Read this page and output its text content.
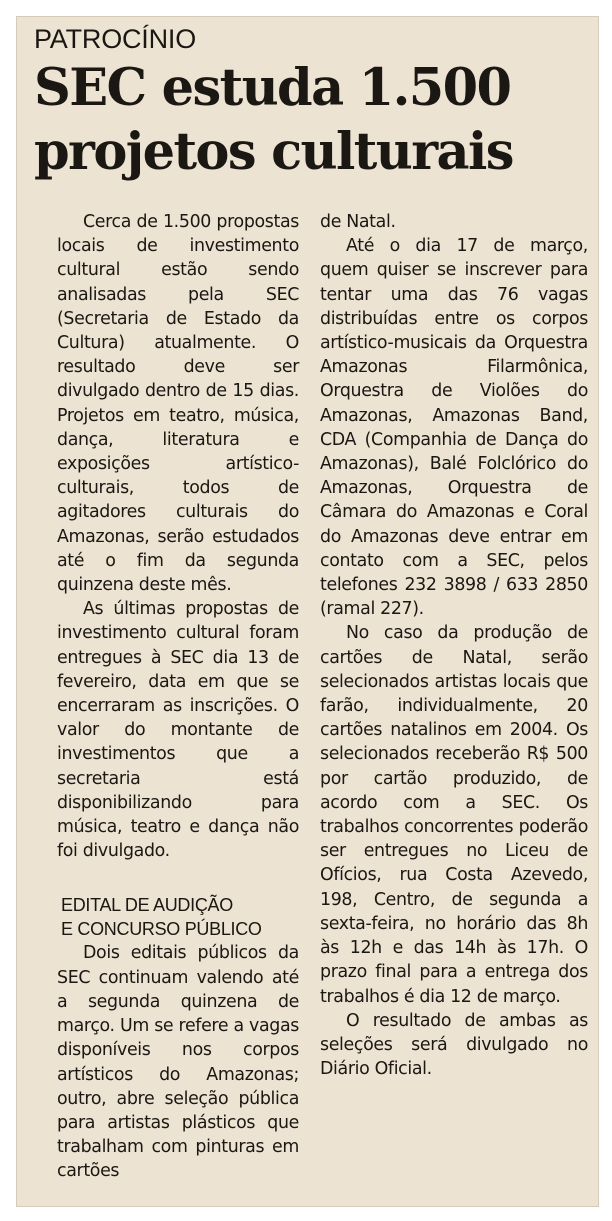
PATROCÍNIO
SEC estuda 1.500 projetos culturais

Cerca de 1.500 propostas locais de investimento cultural estão sendo analisadas pela SEC (Secretaria de Estado da Cultura) atualmente. O resultado deve ser divulgado dentro de 15 dias. Projetos em teatro, música, dança, literatura e exposições artístico-culturais, todos de agitadores culturais do Amazonas, serão estudados até o fim da segunda quinzena deste mês.

As últimas propostas de investimento cultural foram entregues à SEC dia 13 de fevereiro, data em que se encerraram as inscrições. O valor do montante de investimentos que a secretaria está disponibilizando para música, teatro e dança não foi divulgado.

EDITAL DE AUDIÇÃO
E CONCURSO PÚBLICO

Dois editais públicos da SEC continuam valendo até a segunda quinzena de março. Um se refere a vagas disponíveis nos corpos artísticos do Amazonas; outro, abre seleção pública para artistas plásticos que trabalham com pinturas em cartões

de Natal.

Até o dia 17 de março, quem quiser se inscrever para tentar uma das 76 vagas distribuídas entre os corpos artístico-musicais da Orquestra Amazonas Filarmônica, Orquestra de Violões do Amazonas, Amazonas Band, CDA (Companhia de Dança do Amazonas), Balé Folclórico do Amazonas, Orquestra de Câmara do Amazonas e Coral do Amazonas deve entrar em contato com a SEC, pelos telefones 232 3898 / 633 2850 (ramal 227).

No caso da produção de cartões de Natal, serão selecionados artistas locais que farão, individualmente, 20 cartões natalinos em 2004. Os selecionados receberão R$ 500 por cartão produzido, de acordo com a SEC. Os trabalhos concorrentes poderão ser entregues no Liceu de Ofícios, rua Costa Azevedo, 198, Centro, de segunda a sexta-feira, no horário das 8h às 12h e das 14h às 17h. O prazo final para a entrega dos trabalhos é dia 12 de março.

O resultado de ambas as seleções será divulgado no Diário Oficial.
